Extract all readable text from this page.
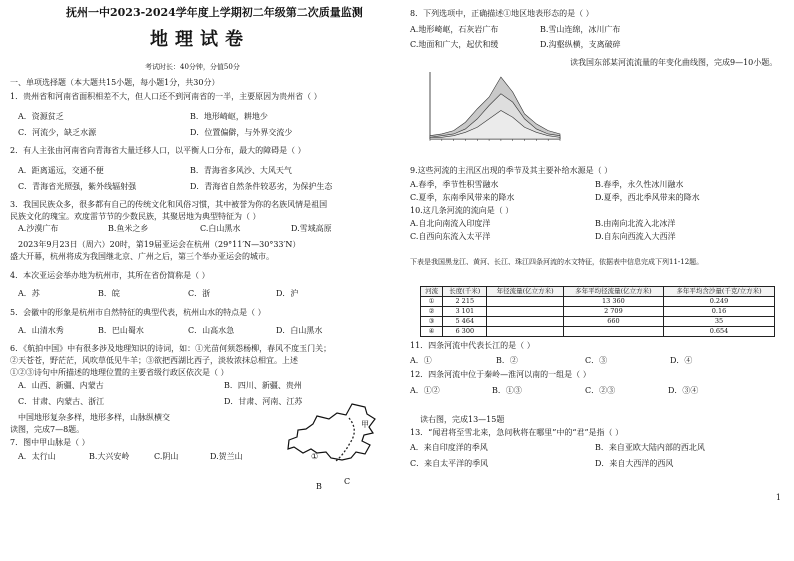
抚州一中2023-2024学年度上学期初二年级第二次质量监测
地理试卷
考试时长：40分钟，分值50分
一、单项选择题（本大题共15小题，每小题1分，共30分）
1．贵州省和河南省面积相差不大，但人口还不到河南省的一半，主要原因为贵州省（ ）
A．资源贫乏	B．地形崎岖，耕地少
C．河流少，缺乏水源	D．位置偏僻，与外界交流少
2．有人主张由河南省向青海省大量迁移人口，以平衡人口分布，最大的障碍是（ ）
A．距离遥远，交通不便	B．青海省多风沙、大风天气
C．青海省光照强，紫外线辐射强	D．青海省自然条件较恶劣，为保护生态
3．我国民族众多，很多都有自己的传统文化和风俗习惯，其中被誉为你的名族风情是祖国
民族文化的瑰宝。欢度雷节节的少数民族，其聚居地为典型特征为（ ）
A.沙漠广布	B.鱼米之乡	C.白山黑水	D.雪域高原
2023年9月23日（周六）20时，第19届亚运会在杭州（29°11′N—30°33′N）
盛大开幕，杭州将成为我国继北京、广州之后，第三个举办亚运会的城市。
4．本次亚运会举办地为杭州市，其所在省份简称是（ ）
A．苏	B．皖	C．浙	D．沪
5．会徽中的形象是杭州市自然特征的典型代表，杭州山水的特点是（ ）
A．山清水秀	B．巴山蜀水	C．山高水急	D．白山黑水
6．《航拍中国》中有很多涉及地理知识的诗词，如：①光苗何须怨杨柳，春风不度玉门关；
②天苍苍，野茫茫，风吹草低见牛羊；③欲把西湖比西子，淡妆浓抹总相宜。上述
①②③诗句中所描述的地理位置的主要省级行政区依次是（ ）
A．山西、新疆、内蒙古	B．四川、新疆、贵州
C．甘肃、内蒙古、浙江	D．甘肃、河南、江苏
中国地形复杂多样，地形多样，山脉纵横交
读图，完成7—8题。
7．图中甲山脉是（ ）
A．太行山	B.大兴安岭	C.阴山	D.贺兰山
甲
①
B
C
8．下列选项中，正确描述①地区地表形态的是（ ）
A.地形崎岖，石灰岩广布	B.雪山连绵，冰川广布
C.地面和广大，起伏和缓	D.沟壑纵横，支离破碎
读我国东部某河流流量的年变化曲线图，完成9—10小题。
9.这些河流的主汛区出现的季节及其主要补给水源是（ ）
A.春季，季节性积雪融水	B.春季，永久性冰川融水
C.夏季，东南季风带来的降水	D.夏季，西北季风带来的降水
10.这几条河流的流向是（ ）
A.自北向南流入印度洋	B.由南向北流入北冰洋
C.自西向东流入太平洋	D.自东向西流入大西洋
下表是我国黑龙江、黄河、长江、珠江四条河流的水文特征，依据表中信息完成下列11-12题。
河流	长度(千米)	年径流量(亿立方米)	多年平均径流量(亿立方米)	多年平均含沙量(千克/立方米)
①	2 215		13 360	0.249
②	3 101		2 709	0.16
③	5 464		660	35
④	6 300			0.654
11．四条河流中代表长江的是（ ）
A．①	B．②	C．③	D．④
12．四条河流中位于秦岭—淮河以南的一组是（ ）
A．①②	B．①③	C．②③	D．③④
读右图，完成13—15题
13．“闻君将至雪北来，急问秋将在哪里”中的“君”是指（ ）
A．来自印度洋的季风	B．来自亚欧大陆内部的西北风
C．来自太平洋的季风	D．来自大西洋的西风
1
